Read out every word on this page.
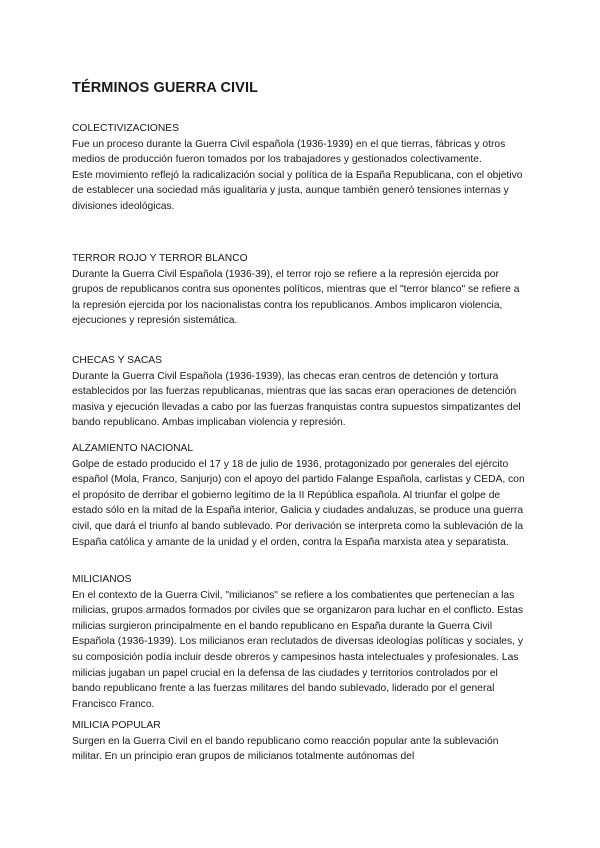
TÉRMINOS GUERRA CIVIL
COLECTIVIZACIONES

Fue un proceso durante la Guerra Civil española (1936-1939) en el que tierras, fábricas y otros medios de producción fueron tomados por los trabajadores y gestionados colectivamente.

Este movimiento reflejó la radicalización social y política de la España Republicana, con el objetivo de establecer una sociedad más igualitaria y justa, aunque también generó tensiones internas y divisiones ideológicas.

TERROR ROJO Y TERROR BLANCO

Durante la Guerra Civil Española (1936-39), el terror rojo se refiere a la represión ejercida por grupos de republicanos contra sus oponentes políticos, mientras que el "terror blanco" se refiere a la represión ejercida por los nacionalistas contra los republicanos. Ambos implicaron violencia, ejecuciones y represión sistemática.

CHECAS Y SACAS

Durante la Guerra Civil Española (1936-1939), las checas eran centros de detención y tortura establecidos por las fuerzas republicanas, mientras que las sacas eran operaciones de detención masiva y ejecución llevadas a cabo por las fuerzas franquistas contra supuestos simpatizantes del bando republicano. Ambas implicaban violencia y represión.

ALZAMIENTO NACIONAL

Golpe de estado producido el 17 y 18 de julio de 1936, protagonizado por generales del ejército español (Mola, Franco, Sanjurjo) con el apoyo del partido Falange Española, carlistas y CEDA, con el propósito de derribar el gobierno legítimo de la II República española. Al triunfar el golpe de estado sólo en la mitad de la España interior, Galicia y ciudades andaluzas, se produce una guerra civil, que dará el triunfo al bando sublevado. Por derivación se interpreta como la sublevación de la España católica y amante de la unidad y el orden, contra la España marxista atea y separatista.

MILICIANOS

En el contexto de la Guerra Civil, "milicianos" se refiere a los combatientes que pertenecían a las milicias, grupos armados formados por civiles que se organizaron para luchar en el conflicto. Estas milicias surgieron principalmente en el bando republicano en España durante la Guerra Civil Española (1936-1939). Los milicianos eran reclutados de diversas ideologías políticas y sociales, y su composición podía incluir desde obreros y campesinos hasta intelectuales y profesionales. Las milicias jugaban un papel crucial en la defensa de las ciudades y territorios controlados por el bando republicano frente a las fuerzas militares del bando sublevado, liderado por el general Francisco Franco.

MILICIA POPULAR

Surgen en la Guerra Civil en el bando republicano como reacción popular ante la sublevación militar. En un principio eran grupos de milicianos totalmente autónomas del
